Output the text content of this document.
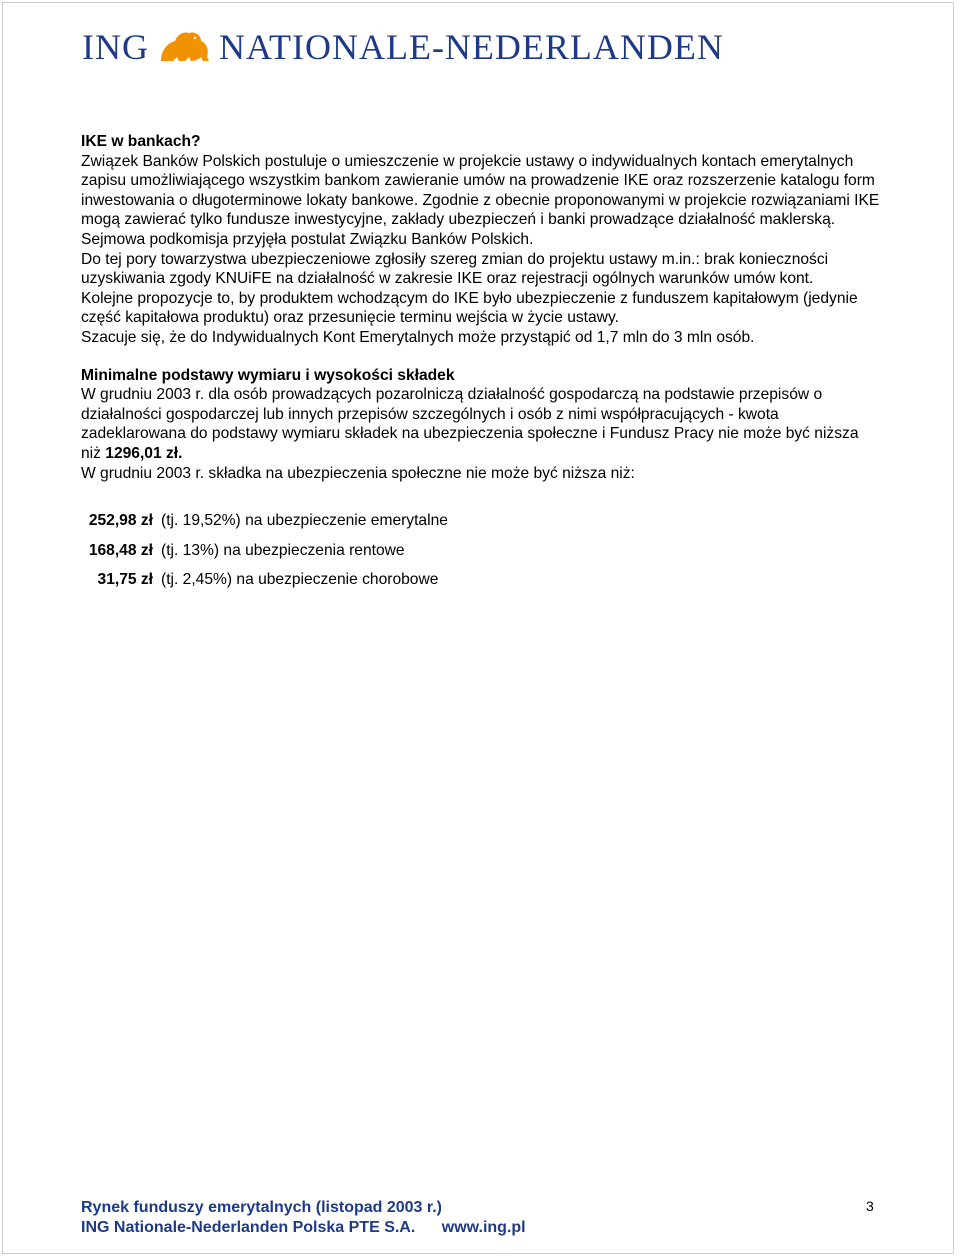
ING NATIONALE-NEDERLANDEN

IKE w bankach?

Związek Banków Polskich postuluje o umieszczenie w projekcie ustawy o indywidualnych kontach emerytalnych zapisu umożliwiającego wszystkim bankom zawieranie umów na prowadzenie IKE oraz rozszerzenie katalogu form inwestowania o długoterminowe lokaty bankowe. Zgodnie z obecnie proponowanymi w projekcie rozwiązaniami IKE mogą zawierać tylko fundusze inwestycyjne, zakłady ubezpieczeń i banki prowadzące działalność maklerską. Sejmowa podkomisja przyjęła postulat Związku Banków Polskich.

Do tej pory towarzystwa ubezpieczeniowe zgłosiły szereg zmian do projektu ustawy m.in.: brak konieczności uzyskiwania zgody KNUiFE na działalność w zakresie IKE oraz rejestracji ogólnych warunków umów kont.

Kolejne propozycje to, by produktem wchodzącym do IKE było ubezpieczenie z funduszem kapitałowym (jedynie część kapitałowa produktu) oraz przesunięcie terminu wejścia w życie ustawy.

Szacuje się, że do Indywidualnych Kont Emerytalnych może przystąpić od 1,7 mln do 3 mln osób.

Minimalne podstawy wymiaru i wysokości składek

W grudniu 2003 r. dla osób prowadzących pozarolniczą działalność gospodarczą na podstawie przepisów o działalności gospodarczej lub innych przepisów szczególnych i osób z nimi współpracujących - kwota zadeklarowana do podstawy wymiaru składek na ubezpieczenia społeczne i Fundusz Pracy nie może być niższa niż 1296,01 zł.

W grudniu 2003 r. składka na ubezpieczenia społeczne nie może być niższa niż:

252,98 zł (tj. 19,52%) na ubezpieczenie emerytalne
168,48 zł (tj. 13%) na ubezpieczenia rentowe
31,75 zł (tj. 2,45%) na ubezpieczenie chorobowe
Rynek funduszy emerytalnych (listopad 2003 r.)
ING Nationale-Nederlanden Polska PTE S.A. www.ing.pl
3
